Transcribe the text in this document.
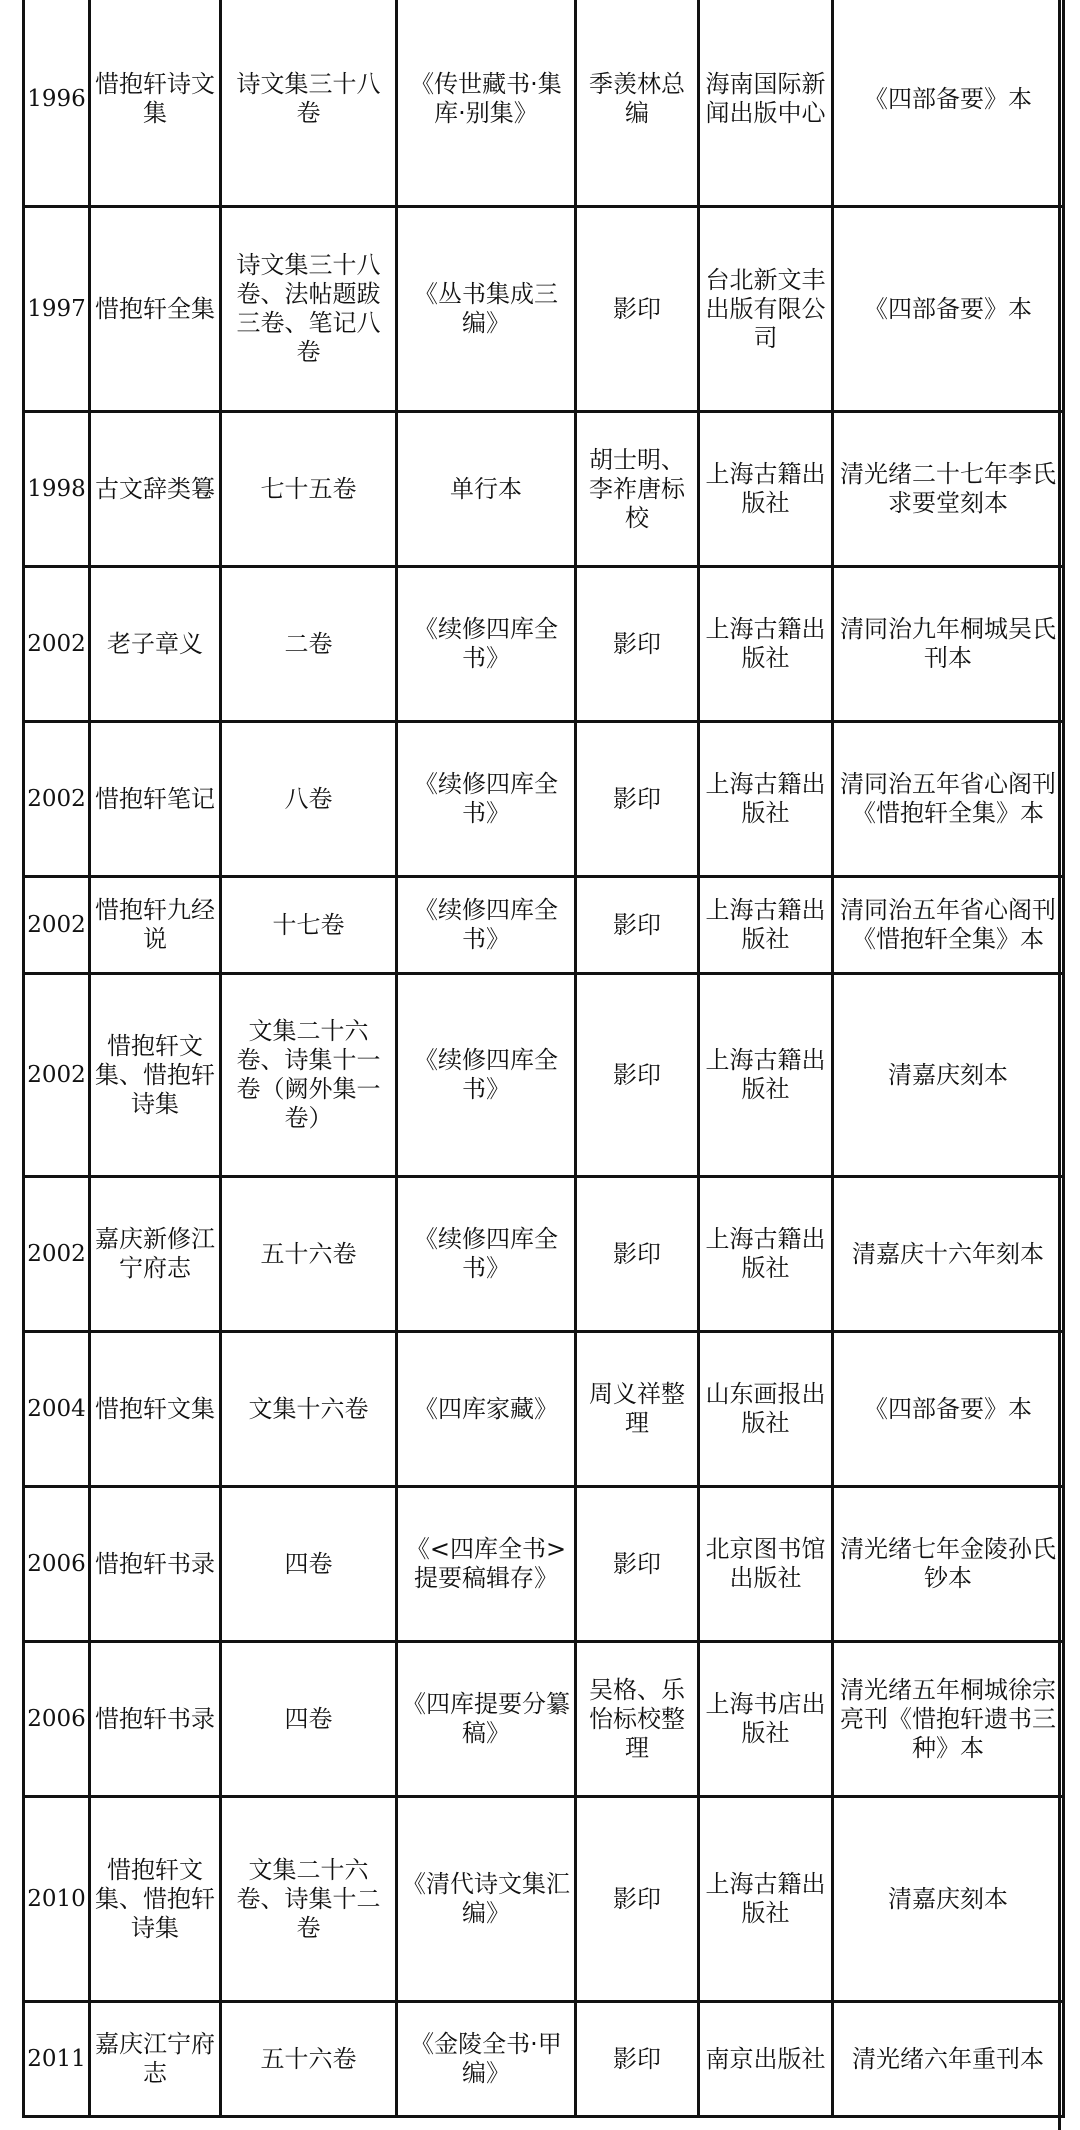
1996	惜抱轩诗文集	诗文集三十八卷	《传世藏书·集库·别集》	季羡林总编	海南国际新闻出版中心	《四部备要》本
1997	惜抱轩全集	诗文集三十八卷、法帖题跋三卷、笔记八卷	《丛书集成三编》	影印	台北新文丰出版有限公司	《四部备要》本
1998	古文辞类篹	七十五卷	单行本	胡士明、李祚唐标校	上海古籍出版社	清光绪二十七年李氏求要堂刻本
2002	老子章义	二卷	《续修四库全书》	影印	上海古籍出版社	清同治九年桐城吴氏刊本
2002	惜抱轩笔记	八卷	《续修四库全书》	影印	上海古籍出版社	清同治五年省心阁刊《惜抱轩全集》本
2002	惜抱轩九经说	十七卷	《续修四库全书》	影印	上海古籍出版社	清同治五年省心阁刊《惜抱轩全集》本
2002	惜抱轩文集、惜抱轩诗集	文集二十六卷、诗集十一卷（阙外集一卷）	《续修四库全书》	影印	上海古籍出版社	清嘉庆刻本
2002	嘉庆新修江宁府志	五十六卷	《续修四库全书》	影印	上海古籍出版社	清嘉庆十六年刻本
2004	惜抱轩文集	文集十六卷	《四库家藏》	周义祥整理	山东画报出版社	《四部备要》本
2006	惜抱轩书录	四卷	《<四库全书>提要稿辑存》	影印	北京图书馆出版社	清光绪七年金陵孙氏钞本
2006	惜抱轩书录	四卷	《四库提要分纂稿》	吴格、乐怡标校整理	上海书店出版社	清光绪五年桐城徐宗亮刊《惜抱轩遗书三种》本
2010	惜抱轩文集、惜抱轩诗集	文集二十六卷、诗集十二卷	《清代诗文集汇编》	影印	上海古籍出版社	清嘉庆刻本
2011	嘉庆江宁府志	五十六卷	《金陵全书·甲编》	影印	南京出版社	清光绪六年重刊本
